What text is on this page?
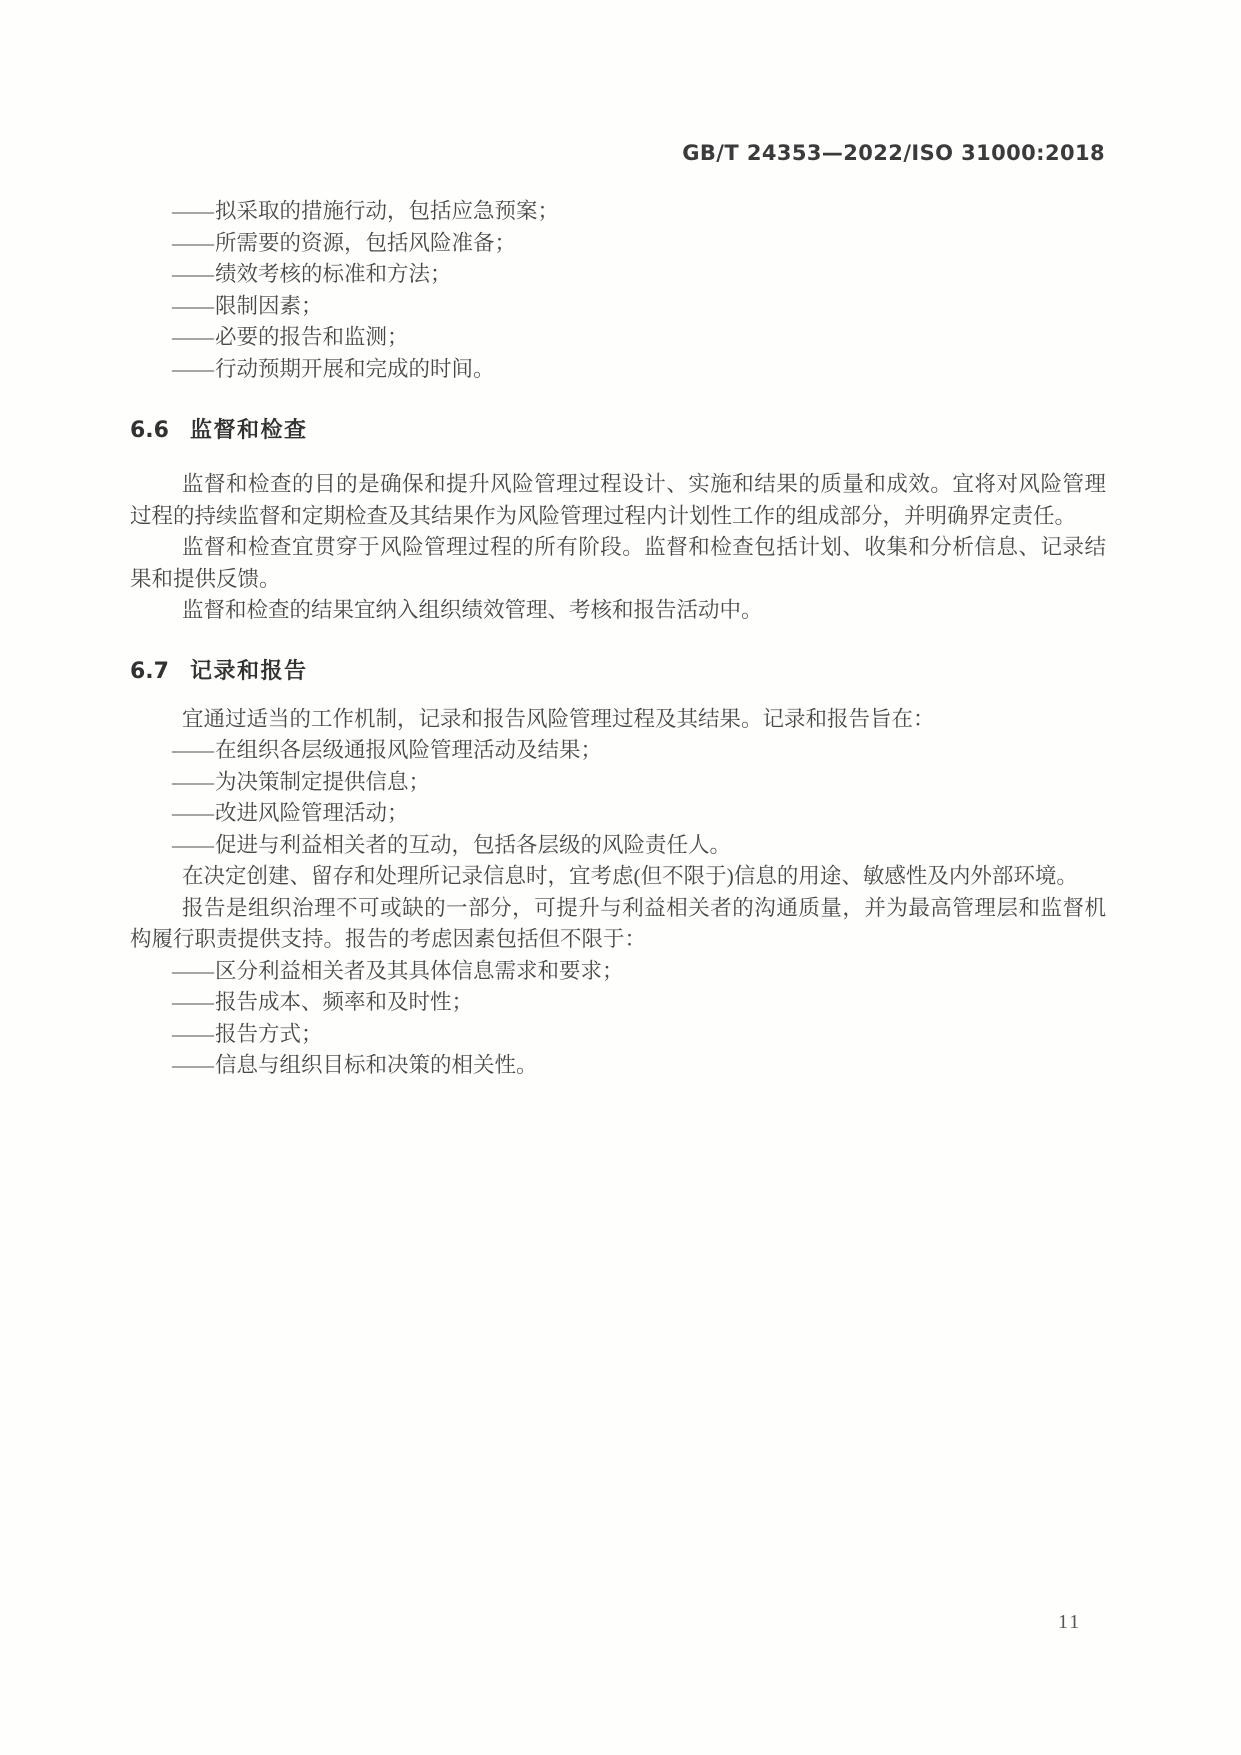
GB/T 24353—2022/ISO 31000:2018
——拟采取的措施行动，包括应急预案；
——所需要的资源，包括风险准备；
——绩效考核的标准和方法；
——限制因素；
——必要的报告和监测；
——行动预期开展和完成的时间。
6.6 监督和检查

监督和检查的目的是确保和提升风险管理过程设计、实施和结果的质量和成效。宜将对风险管理过程的持续监督和定期检查及其结果作为风险管理过程内计划性工作的组成部分，并明确界定责任。

监督和检查宜贯穿于风险管理过程的所有阶段。监督和检查包括计划、收集和分析信息、记录结果和提供反馈。

监督和检查的结果宜纳入组织绩效管理、考核和报告活动中。

6.7 记录和报告

宜通过适当的工作机制，记录和报告风险管理过程及其结果。记录和报告旨在：

——在组织各层级通报风险管理活动及结果；
——为决策制定提供信息；
——改进风险管理活动；
——促进与利益相关者的互动，包括各层级的风险责任人。

在决定创建、留存和处理所记录信息时，宜考虑(但不限于)信息的用途、敏感性及内外部环境。

报告是组织治理不可或缺的一部分，可提升与利益相关者的沟通质量，并为最高管理层和监督机构履行职责提供支持。报告的考虑因素包括但不限于：

——区分利益相关者及其具体信息需求和要求；
——报告成本、频率和及时性；
——报告方式；
——信息与组织目标和决策的相关性。
11
